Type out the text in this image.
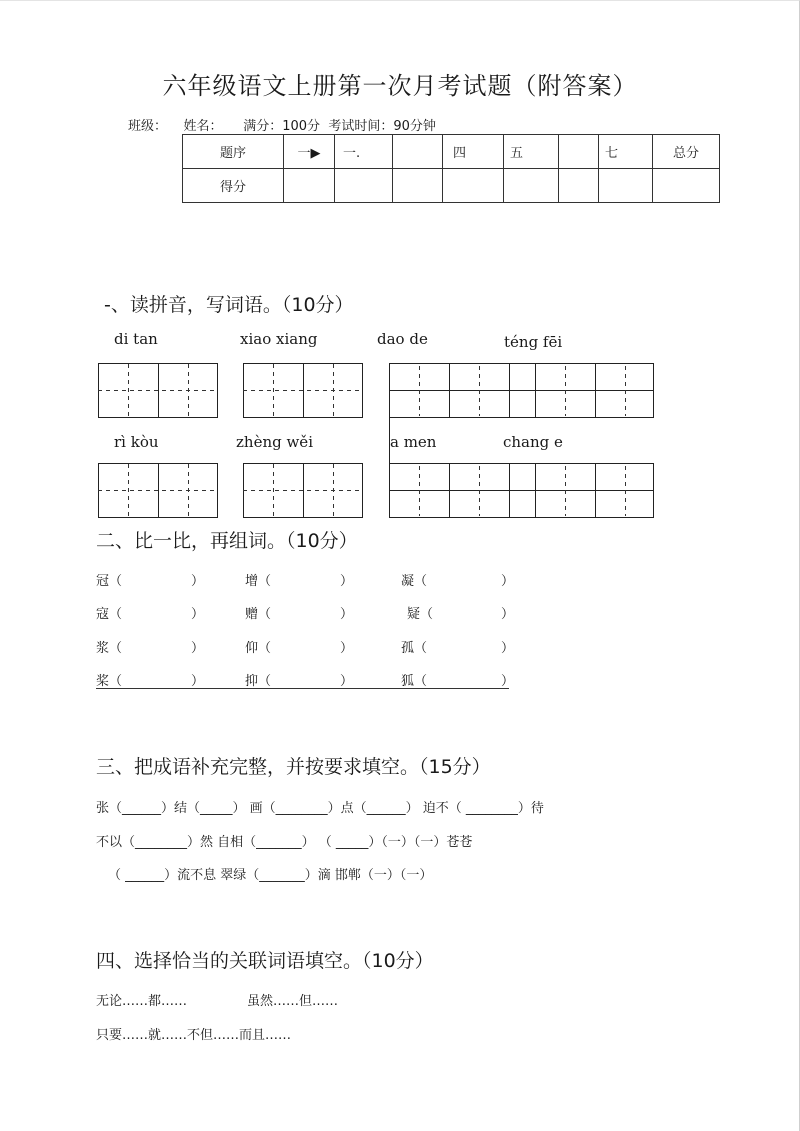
六年级语文上册第一次月考试题（附答案）
班级： 姓名： 满分：100分 考试时间：90分钟
题序	一▶	一.		四	五		七	总分
得分								
-、读拼音，写词语。（10分）
di tan	xiao xiang	dao de	téng fēi
rì kòu	zhèng wěi	a men	chang e
二、比一比，再组词。（10分）
冠（	）	增（	）	凝（	）
寇（	）	赠（	）	疑（	）
浆（	）	仰（	）	孤（	）
桨（	）	抑（	）	狐（	）
三、把成语补充完整，并按要求填空。（15分）
张（______）结（_____） 画（________）点（______） 迫不（ ________）待
不以（________）然 自相（_______） （ _____）（一）（一）苍苍
（ ______）流不息 翠绿（_______）滴 邯郸（一）（一）
四、选择恰当的关联词语填空。（10分）
无论……都……	虽然……但……
只要……就……不但……而且……
